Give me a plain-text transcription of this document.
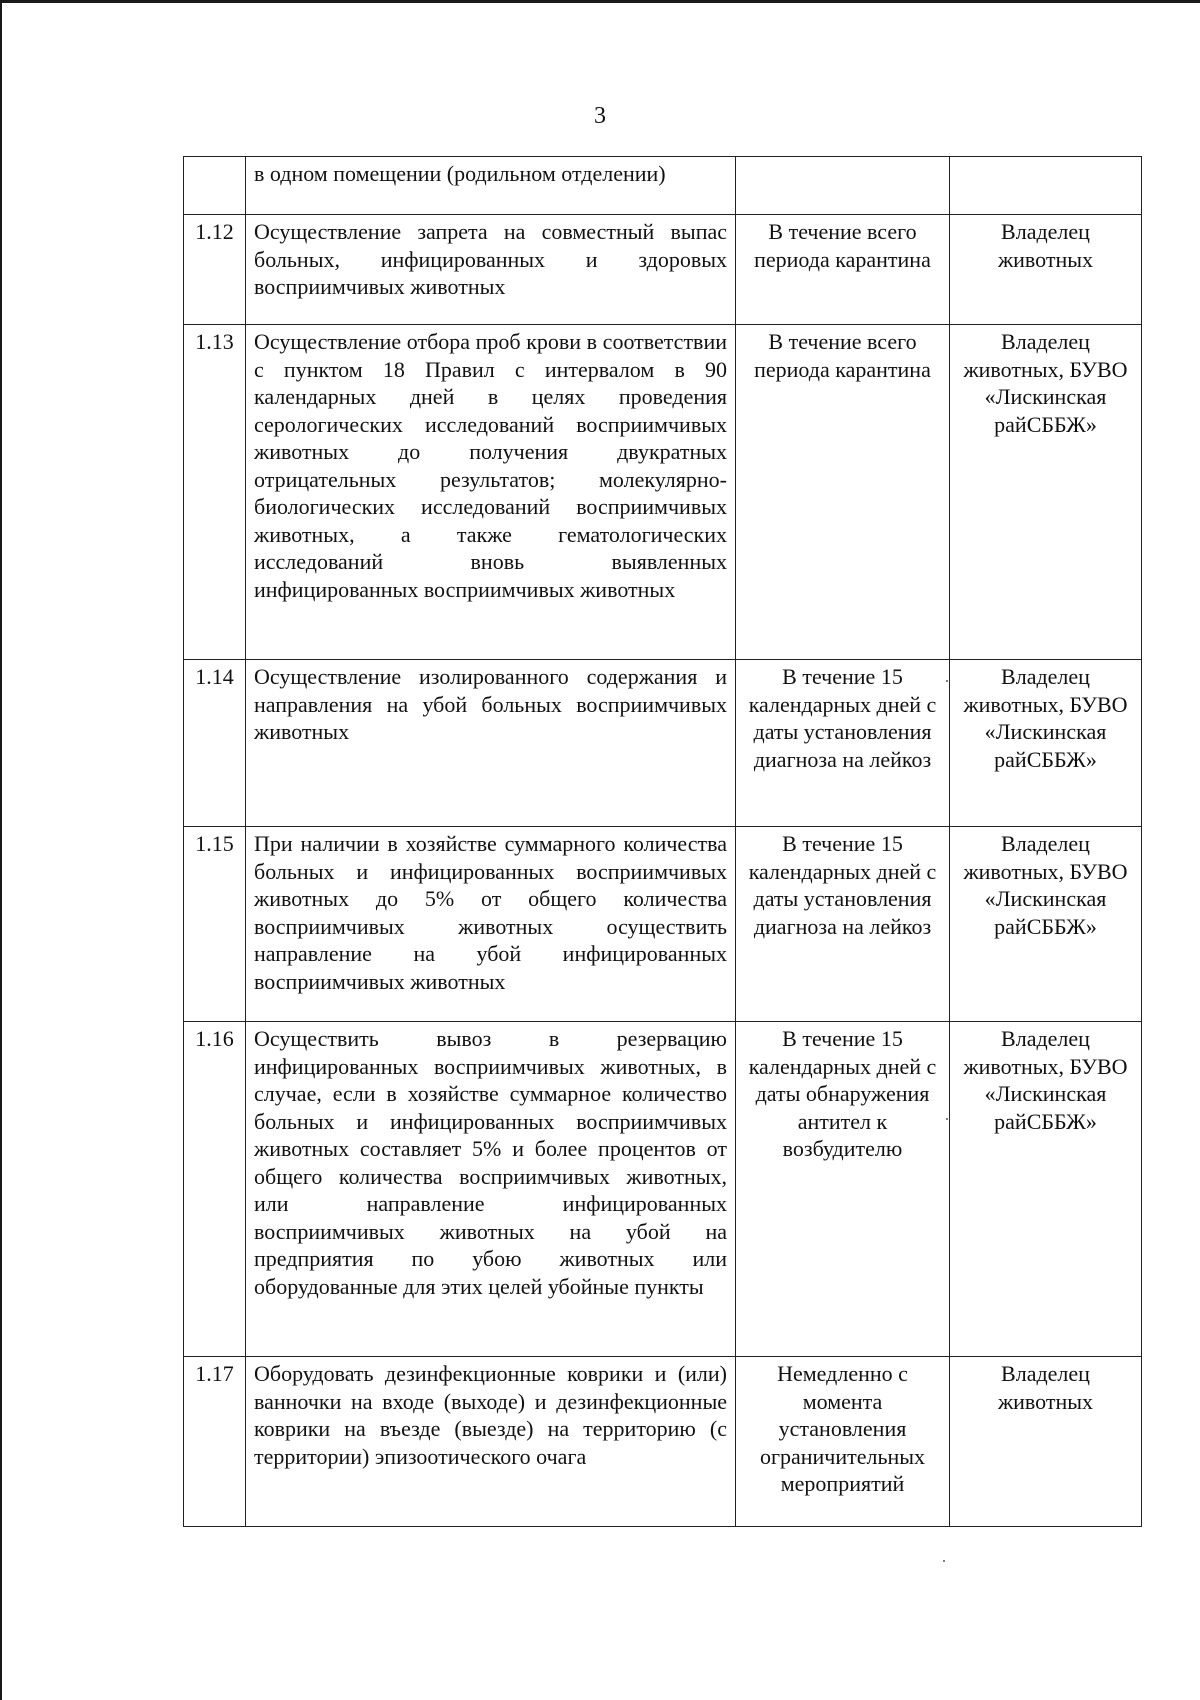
3
	в одном помещении (родильном отделении)		
1.12	Осуществление запрета на совместный выпас больных, инфицированных и здоровых восприимчивых животных	В течение всего периода карантина	Владелец животных
1.13	Осуществление отбора проб крови в соответствии с пунктом 18 Правил с интервалом в 90 календарных дней в целях проведения серологических исследований восприимчивых животных до получения двукратных отрицательных результатов; молекулярно-биологических исследований восприимчивых животных, а также гематологических исследований вновь выявленных инфицированных восприимчивых животных	В течение всего периода карантина	Владелец животных, БУВО «Лискинская райСББЖ»
1.14	Осуществление изолированного содержания и направления на убой больных восприимчивых животных	В течение 15 календарных дней с даты установления диагноза на лейкоз	Владелец животных, БУВО «Лискинская райСББЖ»
1.15	При наличии в хозяйстве суммарного количества больных и инфицированных восприимчивых животных до 5% от общего количества восприимчивых животных осуществить направление на убой инфицированных восприимчивых животных	В течение 15 календарных дней с даты установления диагноза на лейкоз	Владелец животных, БУВО «Лискинская райСББЖ»
1.16	Осуществить вывоз в резервацию инфицированных восприимчивых животных, в случае, если в хозяйстве суммарное количество больных и инфицированных восприимчивых животных составляет 5% и более процентов от общего количества восприимчивых животных, или направление инфицированных восприимчивых животных на убой на предприятия по убою животных или оборудованные для этих целей убойные пункты	В течение 15 календарных дней с даты обнаружения антител к возбудителю	Владелец животных, БУВО «Лискинская райСББЖ»
1.17	Оборудовать дезинфекционные коврики и (или) ванночки на входе (выходе) и дезинфекционные коврики на въезде (выезде) на территорию (с территории) эпизоотического очага	Немедленно с момента установления ограничительных мероприятий	Владелец животных
